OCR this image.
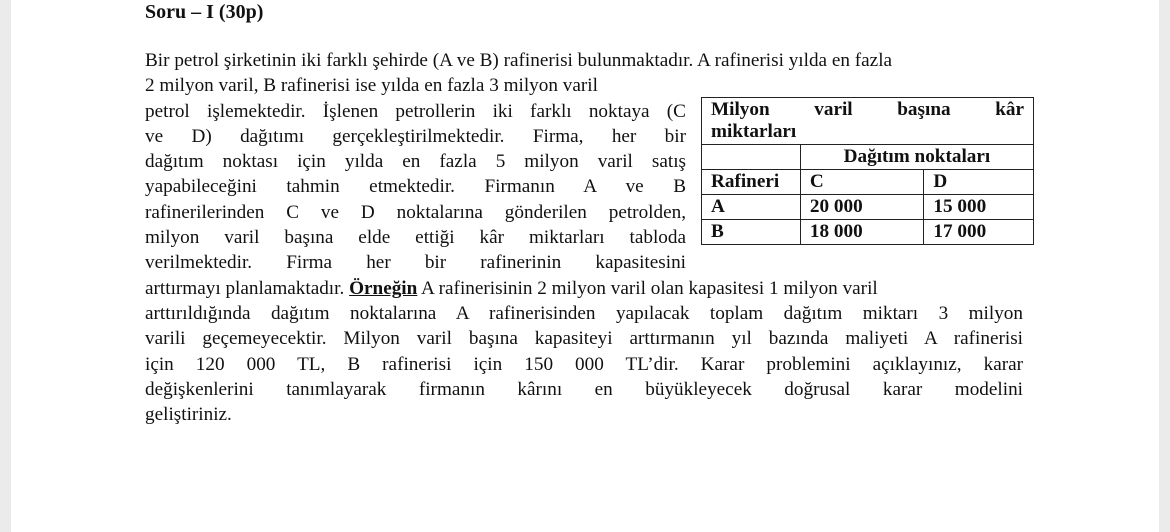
Soru – I (30p)
Bir petrol şirketinin iki farklı şehirde (A ve B) rafinerisi bulunmaktadır. A rafinerisi yılda en fazla
2 milyon varil, B rafinerisi ise yılda en fazla 3 milyon varil
petrol işlemektedir. İşlenen petrollerin iki farklı noktaya (C
ve D) dağıtımı gerçekleştirilmektedir. Firma, her bir
dağıtım noktası için yılda en fazla 5 milyon varil satış
yapabileceğini tahmin etmektedir. Firmanın A ve B
rafinerilerinden C ve D noktalarına gönderilen petrolden,
milyon varil başına elde ettiği kâr miktarları tabloda
verilmektedir. Firma her bir rafinerinin kapasitesini
arttırmayı planlamaktadır. Örneğin A rafinerisinin 2 milyon varil olan kapasitesi 1 milyon varil
arttırıldığında dağıtım noktalarına A rafinerisinden yapılacak toplam dağıtım miktarı 3 milyon
varili geçemeyecektir. Milyon varil başına kapasiteyi arttırmanın yıl bazında maliyeti A rafinerisi
için 120 000 TL, B rafinerisi için 150 000 TL’dir. Karar problemini açıklayınız, karar
değişkenlerini tanımlayarak firmanın kârını en büyükleyecek doğrusal karar modelini
geliştiriniz.
Milyon varil başına kâr
miktarları		

	Dağıtım noktaları	
Rafineri	C	D
A	20 000	15 000
B	18 000	17 000
